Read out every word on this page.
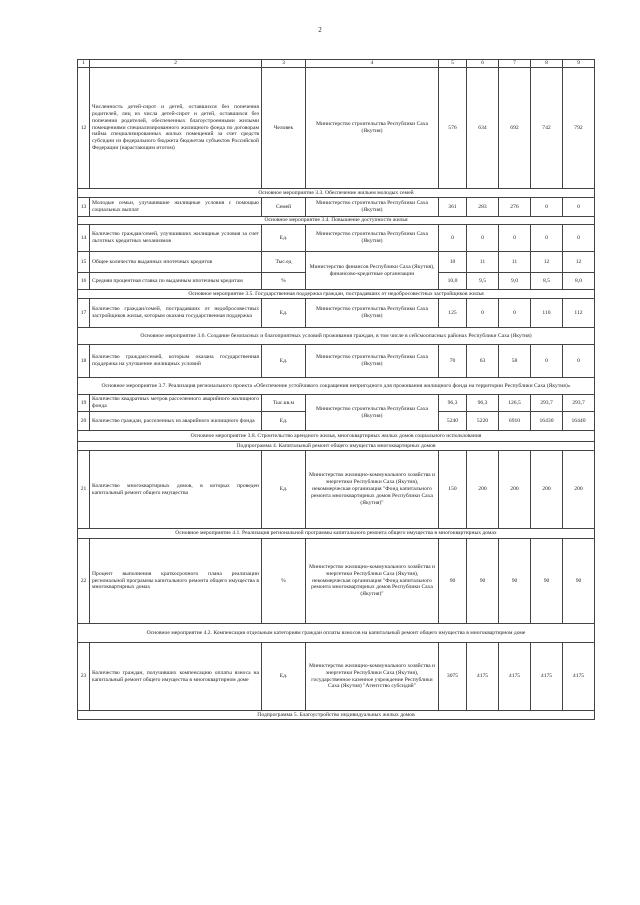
2
1	2	3	4	5	6	7	8	9
12	Численность детей-сирот и детей, оставшихся без попечения родителей, лиц из числа детей-сирот и детей, оставшихся без попечения родителей, обеспеченных благоустроенными жилыми помещениями специализированного жилищного фонда по договорам найма специализированных жилых помещений за счет средств субсидии из федерального бюджета бюджетам субъектов Российской Федерации (нарастающим итогом)	Человек	Министерство строительства Республики Саха (Якутия)	576	634	692	742	792
Основное мероприятие 3.3. Обеспечение жильем молодых семей								
13	Молодые семьи, улучшившие жилищные условия с помощью социальных выплат	Семей	Министерство строительства Республики Саха (Якутия)	361	283	276	0	0
Основное мероприятие 3.4. Повышение доступности жилья								
14	Количество граждан/семей, улучшивших жилищные условия за счет льготных кредитных механизмов	Ед.	Министерство строительства Республики Саха (Якутия)	0	0	0	0	0
15	Общее количество выданных ипотечных кредитов	Тыс.ед	Министерство финансов Республики Саха (Якутия), финансово-кредитные организации	10	11	11	12	12
16	Средняя процентная ставка по выданным ипотечным кредитам	%		10,0	9,5	9,0	8,5	8,0
Основное мероприятие 3.5. Государственная поддержка граждан, пострадавших от недобросовестных застройщиков жилья								
17	Количество граждан/семей, пострадавших от недобросовестных застройщиков жилья, которым оказана государственная поддержка	Ед.	Министерство строительства Республики Саха (Якутия)	125	0	0	110	112
Основное мероприятие 3.6. Создание безопасных и благоприятных условий проживания граждан, в том числе в сейсмоопасных районах Республики Саха (Якутия)								
18	Количество граждан/семей, которым оказана государственная поддержка на улучшение жилищных условий	Ед.	Министерство строительства Республики Саха (Якутия)	70	63	58	0	0
Основное мероприятие 3.7. Реализация регионального проекта «Обеспечение устойчивого сокращения непригодного для проживания жилищного фонда на территории Республики Саха (Якутия)»								
19	Количество квадратных метров расселенного аварийного жилищного фонда	Тыс.кв.м	Министерство строительства Республики Саха (Якутия)	96,3	96,3	126,5	293,7	293,7
20	Количество граждан, расселенных из аварийного жилищного фонда	Ед.		5240	5220	6910	16430	16440
Основное мероприятие 3.8. Строительство арендного жилья, многоквартирных жилых домов социального использования								
Подпрограмма 4. Капитальный ремонт общего имущества многоквартирных домов								
21	Количество многоквартирных домов, в которых проведен капитальный ремонт общего имущества	Ед.	Министерство жилищно-коммунального хозяйства и энергетики Республики Саха (Якутия), некоммерческая организация "Фонд капитального ремонта многоквартирных домов Республики Саха (Якутия)"	150	200	200	200	200
Основное мероприятие 4.1. Реализация региональной программы капитального ремонта общего имущества в многоквартирных домах								
22	Процент выполнения краткосрочного плана реализации региональной программы капитального ремонта общего имущества в многоквартирных домах	%	Министерство жилищно-коммунального хозяйства и энергетики Республики Саха (Якутия), некоммерческая организация "Фонд капитального ремонта многоквартирных домов Республики Саха (Якутия)"	90	90	90	90	90
Основное мероприятие 4.2. Компенсация отдельным категориям граждан оплаты взносов на капитальный ремонт общего имущества в многоквартирном доме								
23	Количество граждан, получивших компенсацию оплаты взноса на капитальный ремонт общего имущества в многоквартирном доме	Ед.	Министерство жилищно-коммунального хозяйства и энергетики Республики Саха (Якутия), государственное казенное учреждение Республики Саха (Якутия) "Агентство субсидий"	3075	4175	4175	4175	4175
Подпрограмма 5. Благоустройство индивидуальных жилых домов								
